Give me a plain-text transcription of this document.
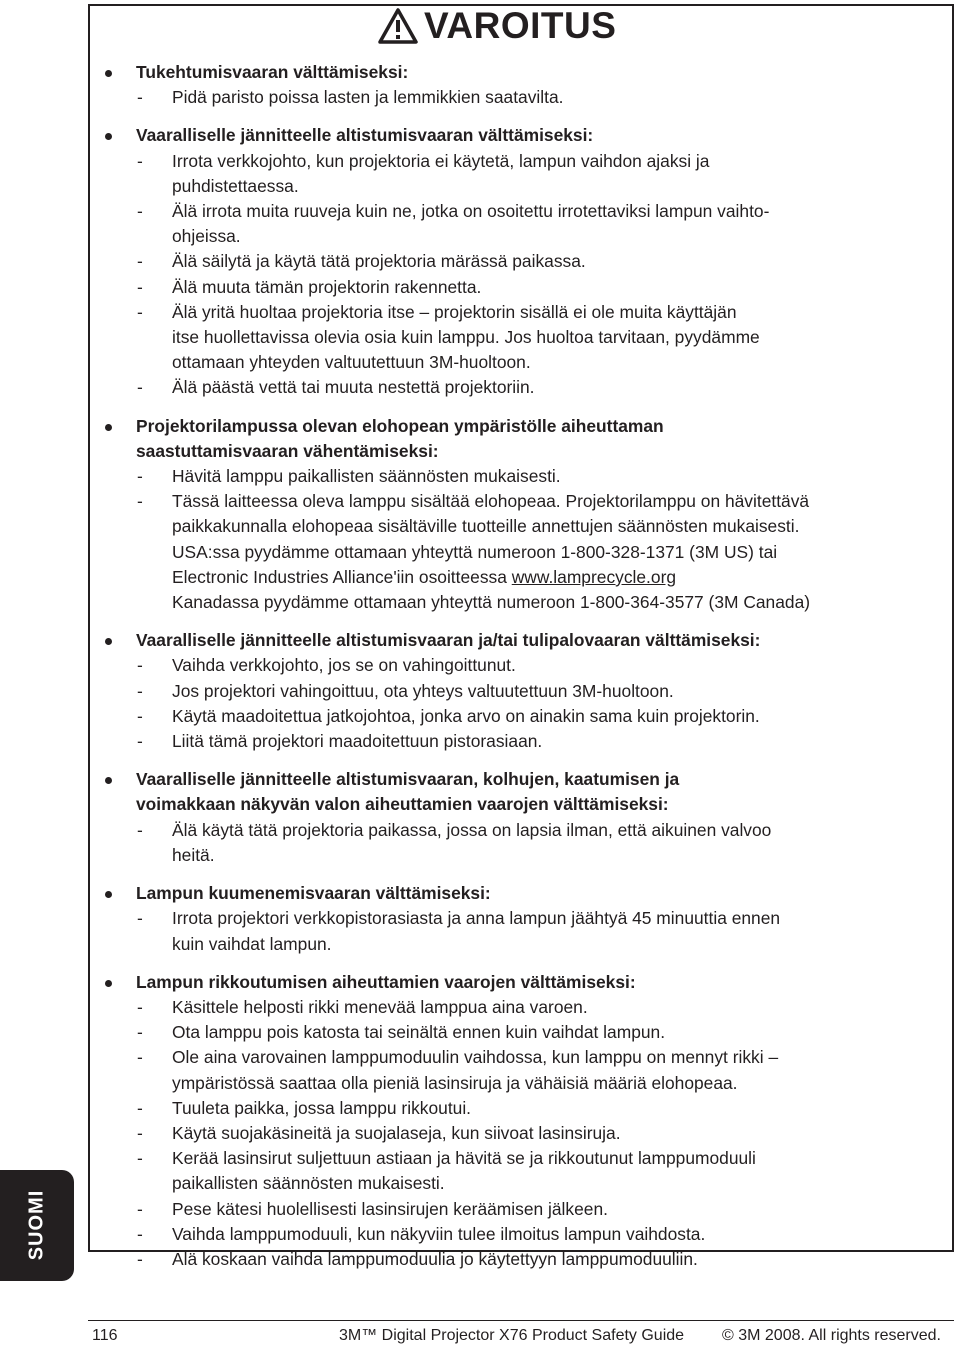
VAROITUS
Tukehtumisvaaran välttämiseksi:
- Pidä paristo poissa lasten ja lemmikkien saatavilta.
Vaaralliselle jännitteelle altistumisvaaran välttämiseksi:
- Irrota verkkojohto, kun projektoria ei käytetä, lampun vaihdon ajaksi ja
puhdistettaessa.
- Älä irrota muita ruuveja kuin ne, jotka on osoitettu irrotettaviksi lampun vaihto-
ohjeissa.
- Älä säilytä ja käytä tätä projektoria märässä paikassa.
- Älä muuta tämän projektorin rakennetta.
- Älä yritä huoltaa projektoria itse – projektorin sisällä ei ole muita käyttäjän
itse huollettavissa olevia osia kuin lamppu. Jos huoltoa tarvitaan, pyydämme
ottamaan yhteyden valtuutettuun 3M-huoltoon.
- Älä päästä vettä tai muuta nestettä projektoriin.
Projektorilampussa olevan elohopean ympäristölle aiheuttaman
saastuttamisvaaran vähentämiseksi:
- Hävitä lamppu paikallisten säännösten mukaisesti.
- Tässä laitteessa oleva lamppu sisältää elohopeaa. Projektorilamppu on hävitettävä
paikkakunnalla elohopeaa sisältäville tuotteille annettujen säännösten mukaisesti.
USA:ssa pyydämme ottamaan yhteyttä numeroon 1-800-328-1371 (3M US) tai
Electronic Industries Alliance'iin osoitteessa www.lamprecycle.org
Kanadassa pyydämme ottamaan yhteyttä numeroon 1-800-364-3577 (3M Canada)
Vaaralliselle jännitteelle altistumisvaaran ja/tai tulipalovaaran välttämiseksi:
- Vaihda verkkojohto, jos se on vahingoittunut.
- Jos projektori vahingoittuu, ota yhteys valtuutettuun 3M-huoltoon.
- Käytä maadoitettua jatkojohtoa, jonka arvo on ainakin sama kuin projektorin.
- Liitä tämä projektori maadoitettuun pistorasiaan.
Vaaralliselle jännitteelle altistumisvaaran, kolhujen, kaatumisen ja
voimakkaan näkyvän valon aiheuttamien vaarojen välttämiseksi:
- Älä käytä tätä projektoria paikassa, jossa on lapsia ilman, että aikuinen valvoo
heitä.
Lampun kuumenemisvaaran välttämiseksi:
- Irrota projektori verkkopistorasiasta ja anna lampun jäähtyä 45 minuuttia ennen
kuin vaihdat lampun.
Lampun rikkoutumisen aiheuttamien vaarojen välttämiseksi:
- Käsittele helposti rikki menevää lamppua aina varoen.
- Ota lamppu pois katosta tai seinältä ennen kuin vaihdat lampun.
- Ole aina varovainen lamppumoduulin vaihdossa, kun lamppu on mennyt rikki –
ympäristössä saattaa olla pieniä lasinsiruja ja vähäisiä määriä elohopeaa.
- Tuuleta paikka, jossa lamppu rikkoutui.
- Käytä suojakäsineitä ja suojalaseja, kun siivoat lasinsiruja.
- Kerää lasinsirut suljettuun astiaan ja hävitä se ja rikkoutunut lamppumoduuli
paikallisten säännösten mukaisesti.
- Pese kätesi huolellisesti lasinsirujen keräämisen jälkeen.
- Vaihda lamppumoduuli, kun näkyviin tulee ilmoitus lampun vaihdosta.
- Älä koskaan vaihda lamppumoduulia jo käytettyyn lamppumoduuliin.
SUOMI
116	3M™ Digital Projector X76 Product Safety Guide © 3M 2008. All rights reserved.
